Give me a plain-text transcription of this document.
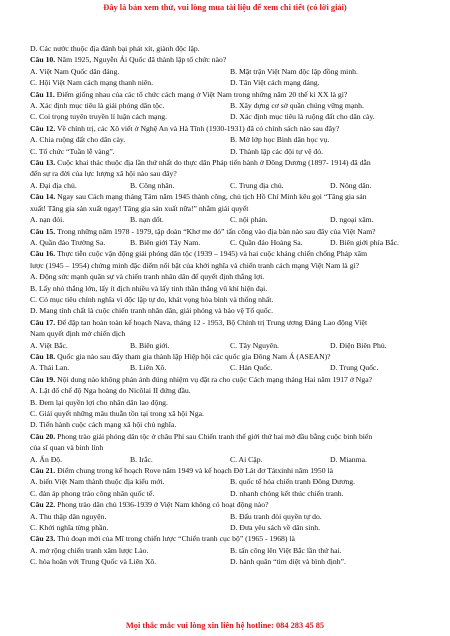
Đây là bản xem thử, vui lòng mua tài liệu để xem chi tiết (có lời giải)
D. Các nước thuộc địa đánh bại phát xít, giành độc lập.
Câu 10. Năm 1925, Nguyễn Ái Quốc đã thành lập tổ chức nào?
A. Việt Nam Quốc dân đảng.	B. Mặt trận Việt Nam độc lập đồng minh.
C. Hội Việt Nam cách mạng thanh niên.	D. Tân Việt cách mạng đảng.
Câu 11. Điểm giống nhau của các tổ chức cách mạng ở Việt Nam trong những năm 20 thế kỉ XX là gì?
A. Xác định mục tiêu là giải phóng dân tộc.	B. Xây dựng cơ sở quần chúng vững mạnh.
C. Coi trọng tuyên truyền lí luận cách mạng.	D. Xác định mục tiêu là ruộng đất cho dân cày.
Câu 12. Về chính trị, các Xô viết ở Nghệ An và Hà Tĩnh (1930-1931) đã có chính sách nào sau đây?
A. Chia ruộng đất cho dân cày.	B. Mở lớp học Bình dân học vụ.
C. Tổ chức “Tuần lễ vàng”.	D. Thành lập các đội tự vệ đỏ.
Câu 13. Cuộc khai thác thuộc địa lần thứ nhất do thực dân Pháp tiến hành ở Đông Dương (1897- 1914) đã dẫn
đến sự ra đời của lực lượng xã hội nào sau đây?
A. Đại địa chủ.	B. Công nhân.	C. Trung địa chủ.	D. Nông dân.
Câu 14. Ngay sau Cách mạng tháng Tám năm 1945 thành công, chủ tịch Hồ Chí Minh kêu gọi “Tăng gia sản
xuất! Tăng gia sản xuất ngay! Tăng gia sản xuất nữa!” nhằm giải quyết
A. nạn đói.	B. nạn dốt.	C. nội phản.	D. ngoại xâm.
Câu 15. Trong những năm 1978 - 1979, tập đoàn “Khơ me đỏ” tấn công vào địa bàn nào sau đây của Việt Nam?
A. Quần đảo Trường Sa.	B. Biên giới Tây Nam.	C. Quần đảo Hoàng Sa.	D. Biên giới phía Bắc.
Câu 16. Thực tiễn cuộc vận động giải phóng dân tộc (1939 – 1945) và hai cuộc kháng chiến chống Pháp xâm
lược (1945 – 1954) chứng minh đặc điểm nổi bật của khởi nghĩa và chiến tranh cách mạng Việt Nam là gì?
A. Động sức mạnh quân sự và chiến tranh nhân dân để quyết định thắng lợi.
B. Lấy nhỏ thắng lớn, lấy ít địch nhiều và lấy tinh thần thắng vũ khí hiện đại.
C. Có mục tiêu chính nghĩa vì độc lập tự do, khát vọng hòa bình và thống nhất.
D. Mang tính chất là cuộc chiến tranh nhân dân, giải phóng và bảo vệ Tổ quốc.
Câu 17. Để đập tan hoàn toàn kế hoạch Nava, tháng 12 - 1953, Bộ Chính trị Trung ương Đảng Lao động Việt
Nam quyết định mở chiến dịch
A. Việt Bắc.	B. Biên giới.	C. Tây Nguyên.	D. Điện Biên Phủ.
Câu 18. Quốc gia nào sau đây tham gia thành lập Hiệp hội các quốc gia Đông Nam Á (ASEAN)?
A. Thái Lan.	B. Liên Xô.	C. Hàn Quốc.	D. Trung Quốc.
Câu 19. Nội dung nào không phản ánh đúng nhiệm vụ đặt ra cho cuộc Cách mạng tháng Hai năm 1917 ở Nga?
A. Lật đổ chế độ Nga hoàng do Nicôlai II đứng đầu.
B. Đem lại quyền lợi cho nhân dân lao động.
C. Giải quyết những mâu thuẫn tồn tại trong xã hội Nga.
D. Tiến hành cuộc cách mạng xã hội chủ nghĩa.
Câu 20. Phong trào giải phóng dân tộc ở châu Phi sau Chiến tranh thế giới thứ hai mở đầu bằng cuộc binh biến
của sĩ quan và binh lính
A. Ấn Độ.	B. Irắc.	C. Ai Cập.	D. Mianma.
Câu 21. Điểm chung trong kế hoạch Rove năm 1949 và kế hoạch Đờ Lát đơ Tátxinhi năm 1950 là
A. biến Việt Nam thành thuộc địa kiểu mới.	B. quốc tế hóa chiến tranh Đông Dương.
C. đàn áp phong trào công nhân quốc tế.	D. nhanh chóng kết thúc chiến tranh.
Câu 22. Phong trào dân chủ 1936-1939 ở Việt Nam không có hoạt động nào?
A. Thu thập dân nguyện.	B. Đấu tranh đòi quyền tự do.
C. Khởi nghĩa từng phần.	D. Đưa yêu sách về dân sinh.
Câu 23. Thủ đoạn mới của Mĩ trong chiến lược “Chiến tranh cục bộ” (1965 - 1968) là
A. mở rộng chiến tranh xâm lược Lào.	B. tấn công lên Việt Bắc lần thứ hai.
C. hòa hoãn với Trung Quốc và Liên Xô.	D. hành quân “tìm diệt và bình định”.
Mọi thắc mắc vui lòng xin liên hệ hotline: 084 283 45 85
